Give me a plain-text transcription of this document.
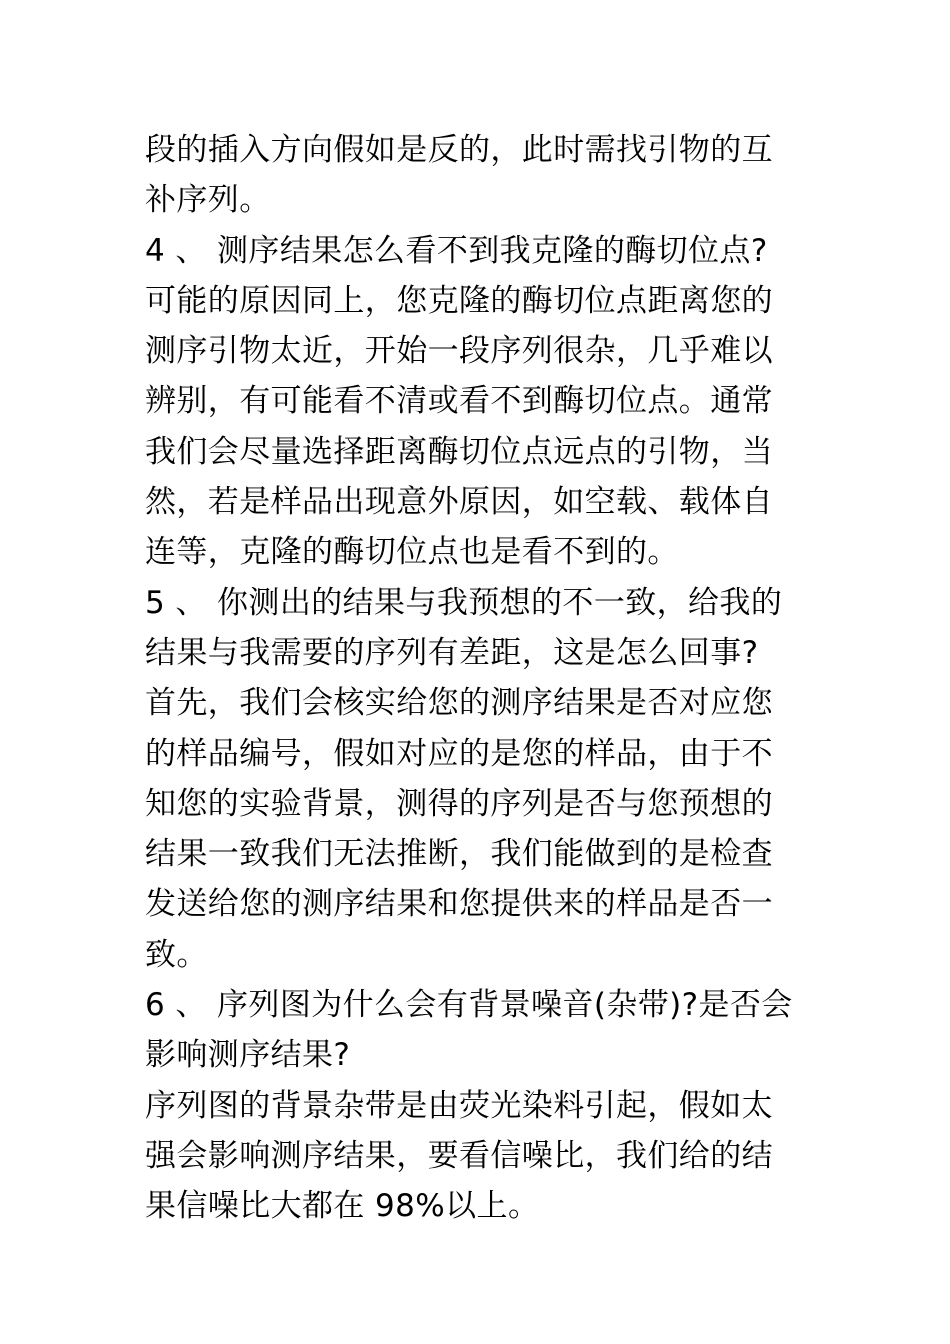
段的插入方向假如是反的，此时需找引物的互
补序列。
4 、 测序结果怎么看不到我克隆的酶切位点?
可能的原因同上，您克隆的酶切位点距离您的
测序引物太近，开始一段序列很杂，几乎难以
辨别，有可能看不清或看不到酶切位点。通常
我们会尽量选择距离酶切位点远点的引物，当
然，若是样品出现意外原因，如空载、载体自
连等，克隆的酶切位点也是看不到的。
5 、 你测出的结果与我预想的不一致，给我的
结果与我需要的序列有差距，这是怎么回事?
首先，我们会核实给您的测序结果是否对应您
的样品编号，假如对应的是您的样品，由于不
知您的实验背景，测得的序列是否与您预想的
结果一致我们无法推断，我们能做到的是检查
发送给您的测序结果和您提供来的样品是否一
致。
6 、 序列图为什么会有背景噪音(杂带)?是否会
影响测序结果?
序列图的背景杂带是由荧光染料引起，假如太
强会影响测序结果，要看信噪比，我们给的结
果信噪比大都在 98%以上。
